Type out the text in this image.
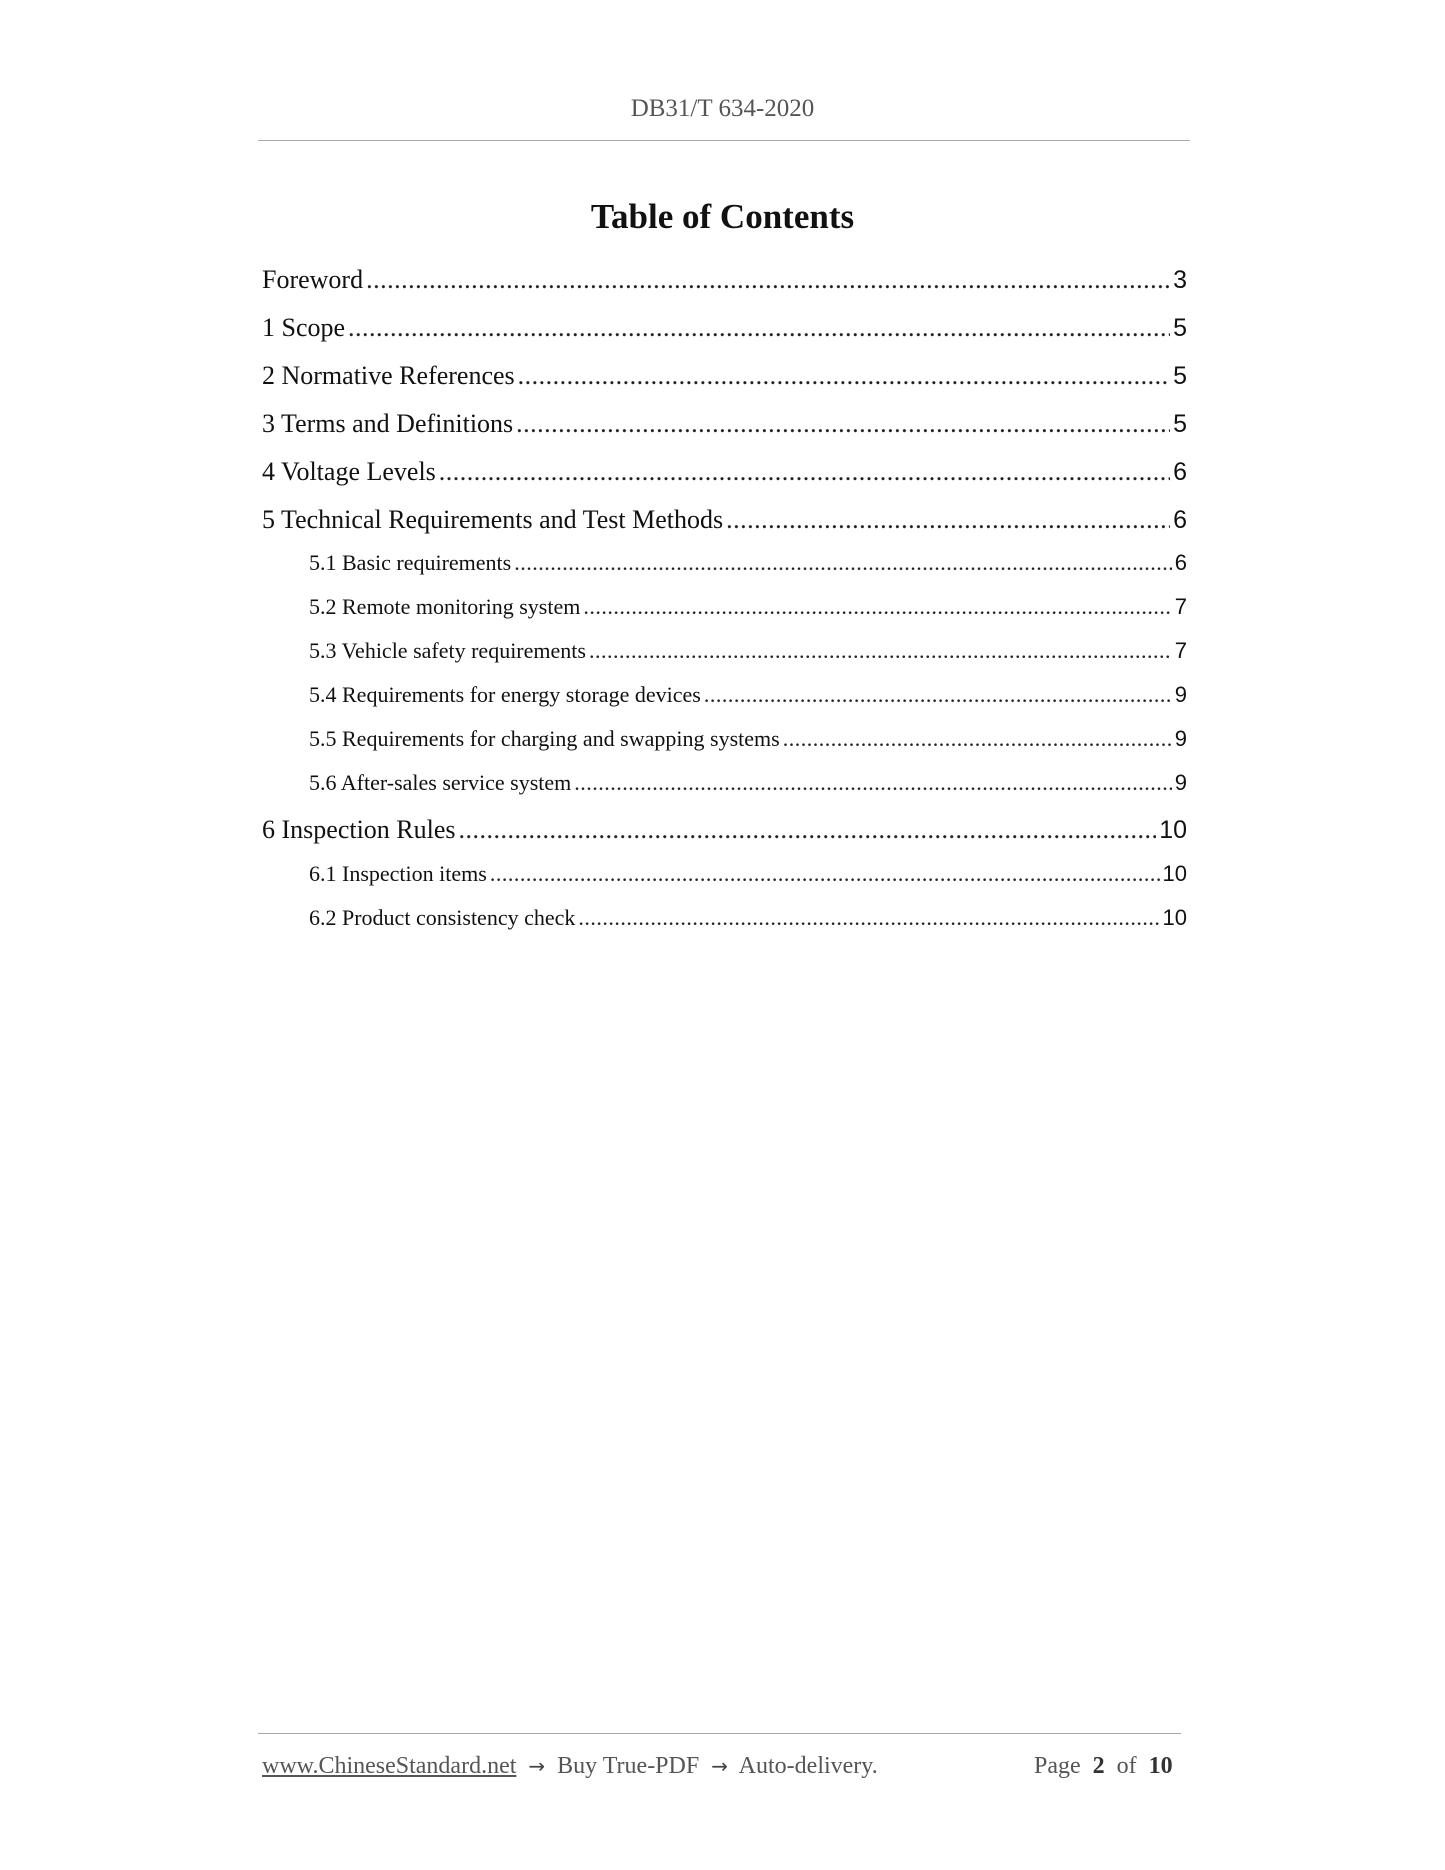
DB31/T 634-2020
Table of Contents
Foreword .....	3
1 Scope .....	5
2 Normative References .....	5
3 Terms and Definitions .....	5
4 Voltage Levels .....	6
5 Technical Requirements and Test Methods .....	6
5.1 Basic requirements .....	6
5.2 Remote monitoring system .....	7
5.3 Vehicle safety requirements .....	7
5.4 Requirements for energy storage devices .....	9
5.5 Requirements for charging and swapping systems .....	9
5.6 After-sales service system .....	9
6 Inspection Rules .....	10
6.1 Inspection items .....	10
6.2 Product consistency check .....	10
www.ChineseStandard.net → Buy True-PDF → Auto-delivery.	Page 2 of 10
